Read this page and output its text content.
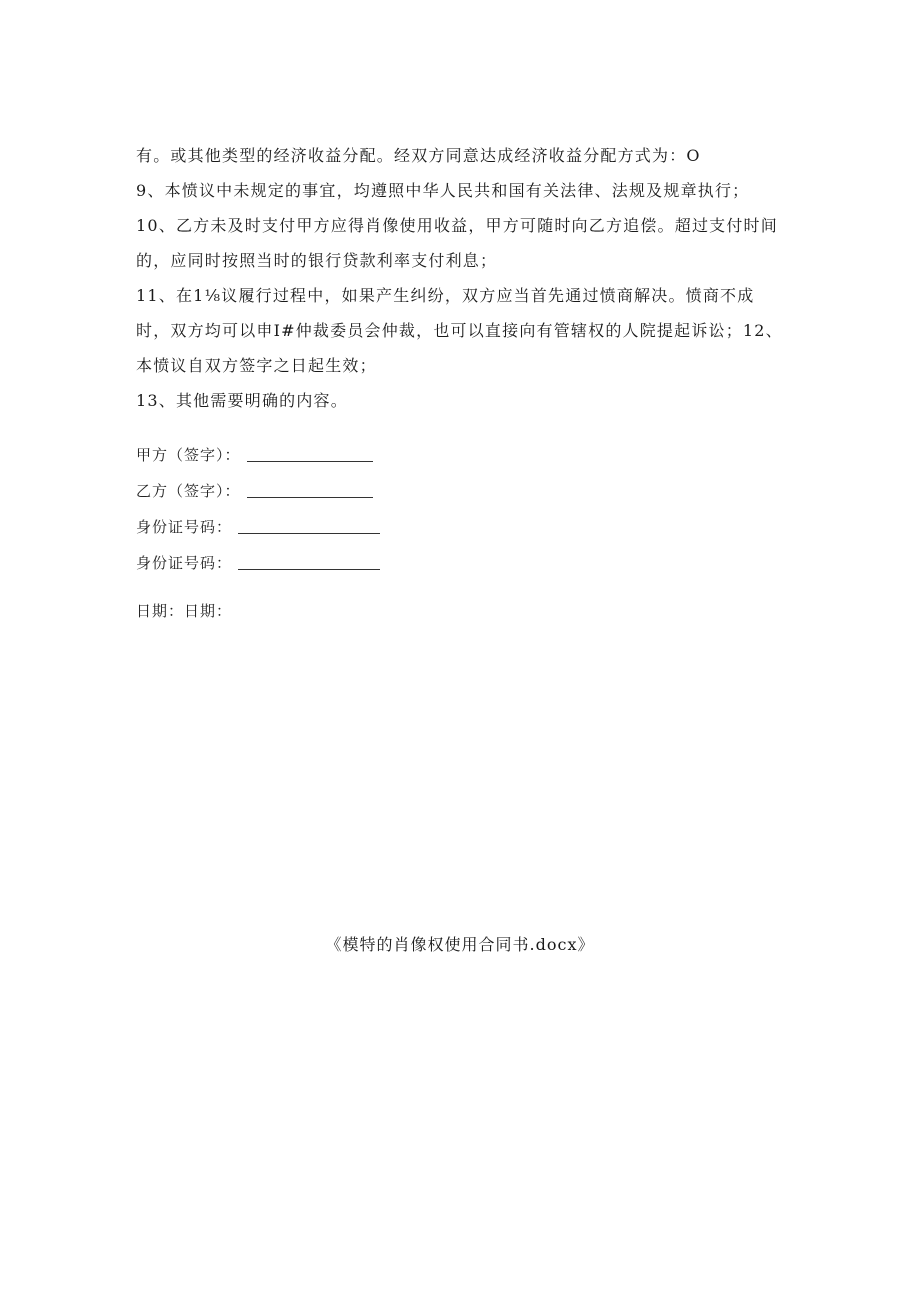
有。或其他类型的经济收益分配。经双方同意达成经济收益分配方式为：O

9、本愤议中未规定的事宜，均遵照中华人民共和国有关法律、法规及规章执行；

10、乙方未及时支付甲方应得肖像使用收益，甲方可随时向乙方追偿。超过支付时间的，应同时按照当时的银行贷款利率支付利息；

11、在1⅛议履行过程中，如果产生纠纷，双方应当首先通过愤商解决。愤商不成时，双方均可以申I#仲裁委员会仲裁，也可以直接向有管辖权的人院提起诉讼；12、本愤议自双方签字之日起生效；

13、其他需要明确的内容。

甲方（签字）：
乙方（签字）：
身份证号码：
身份证号码：
日期：日期：
《模特的肖像权使用合同书.docx》
